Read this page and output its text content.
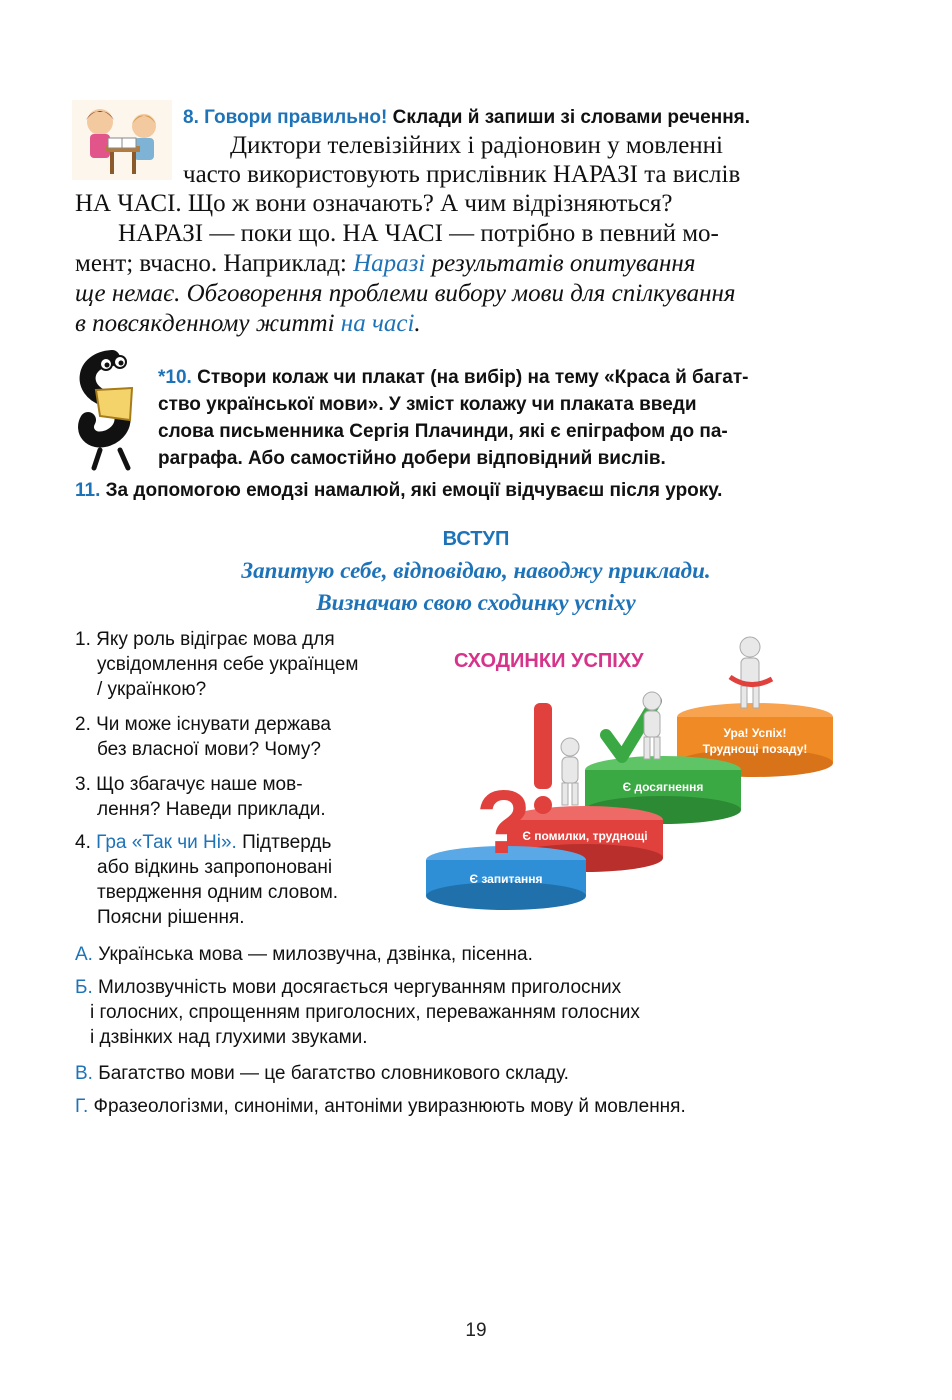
8. Говори правильно! Склади й запиши зі словами речення.
Диктори телевізійних і радіоновин у мовленні
часто використовують прислівник НАРАЗІ та вислів
НА ЧАСІ. Що ж вони означають? А чим відрізняються?
НАРАЗІ — поки що. НА ЧАСІ — потрібно в певний мо-
мент; вчасно. Наприклад: Наразі результатів опитування
ще немає. Обговорення проблеми вибору мови для спілкування
в повсякденному житті на часі.
*10. Створи колаж чи плакат (на вибір) на тему «Краса й багат-
ство української мови». У зміст колажу чи плаката введи
слова письменника Сергія Плачинди, які є епіграфом до па-
раграфа. Або самостійно добери відповідний вислів.
11. За допомогою емодзі намалюй, які емоції відчуваєш після уроку.
ВСТУП
Запитую себе, відповідаю, наводжу приклади.
Визначаю свою сходинку успіху
1. Яку роль відіграє мова для
усвідомлення себе українцем
/ українкою?
2. Чи може існувати держава
без власної мови? Чому?
3. Що збагачує наше мов-
лення? Наведи приклади.
4. Гра «Так чи Ні». Підтвердь
або відкинь запропоновані
твердження одним словом.
Поясни рішення.
СХОДИНКИ УСПІХУ
Ура! Успіх!
Труднощі позаду!
Є досягнення
Є помилки, труднощі
Є запитання
?
А. Українська мова — милозвучна, дзвінка, пісенна.
Б. Милозвучність мови досягається чергуванням приголосних
і голосних, спрощенням приголосних, переважанням голосних
і дзвінких над глухими звуками.
В. Багатство мови — це багатство словникового складу.
Г. Фразеологізми, синоніми, антоніми увиразнюють мову й мовлення.
19
